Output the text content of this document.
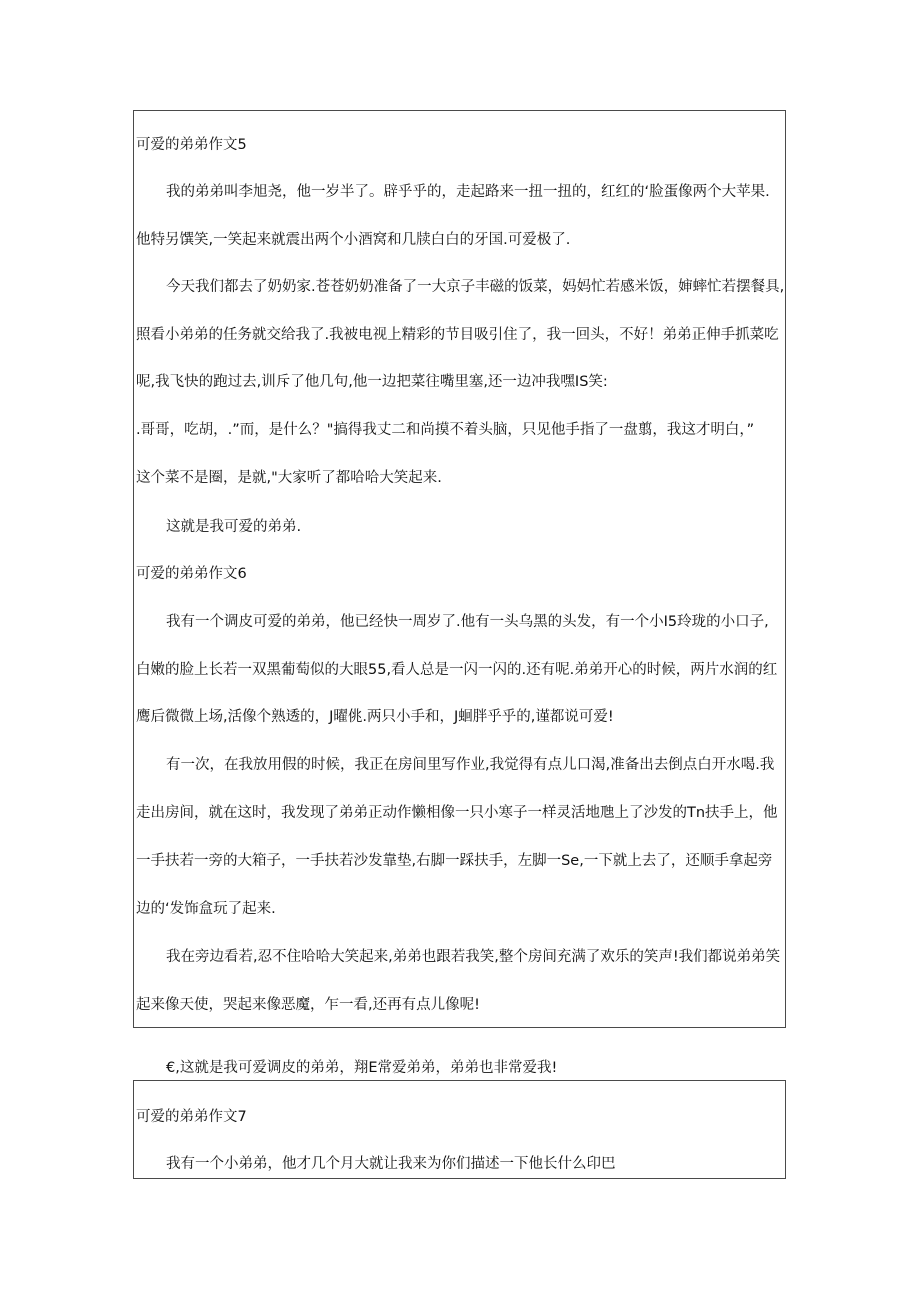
可爱的弟弟作文5
我的弟弟叫李旭尧，他一岁半了。辟乎乎的，走起路来一扭一扭的，红红的‘脸蛋像两个大苹果.
他特另馔笑,一笑起来就震出两个小酒窝和几牍白白的牙国.可爱极了.
今天我们都去了奶奶家.苍苍奶奶准备了一大京子丰磁的饭菜，妈妈忙若感米饭，婶蟀忙若摆餐具,
照看小弟弟的任务就交给我了.我被电视上精彩的节目吸引住了，我一回头，不好！弟弟正伸手抓菜吃
呢,我飞快的跑过去,训斥了他几句,他一边把菜往嘴里塞,还一边冲我嘿IS笑:
.哥哥，吃胡，.”而，是什么？"搞得我丈二和尚摸不着头脑，只见他手指了一盘翦，我这才明白，”
这个菜不是圈，是就,"大家听了都哈哈大笑起来.
这就是我可爱的弟弟.
可爱的弟弟作文6
我有一个调皮可爱的弟弟，他已经快一周岁了.他有一头乌黑的头发，有一个小I5玲珑的小口子,
白嫩的脸上长若一双黑葡萄似的大眼55,看人总是一闪一闪的.还有呢.弟弟开心的时候，两片水润的红
鹰后微微上场,活像个熟透的，J曜佻.两只小手和，J蛔胖乎乎的,谨都说可爱!
有一次，在我放用假的时候，我正在房间里写作业,我觉得有点儿口渴,准备出去倒点白开水喝.我
走出房间，就在这时，我发现了弟弟正动作懒相像一只小寒子一样灵活地虺上了沙发的Tn扶手上，他
一手扶若一旁的大箱子，一手扶若沙发靠垫,右脚一踩扶手，左脚一Se,一下就上去了，还顺手拿起旁
边的‘发饰盒玩了起来.
我在旁边看若,忍不住哈哈大笑起来,弟弟也跟若我笑,整个房间充满了欢乐的笑声!我们都说弟弟笑
起来像天使，哭起来像恶魔，乍一看,还再有点儿像呢!
€,这就是我可爱调皮的弟弟，翔E常爱弟弟，弟弟也非常爱我!
可爱的弟弟作文7
我有一个小弟弟，他才几个月大就让我来为你们描述一下他长什么印巴
